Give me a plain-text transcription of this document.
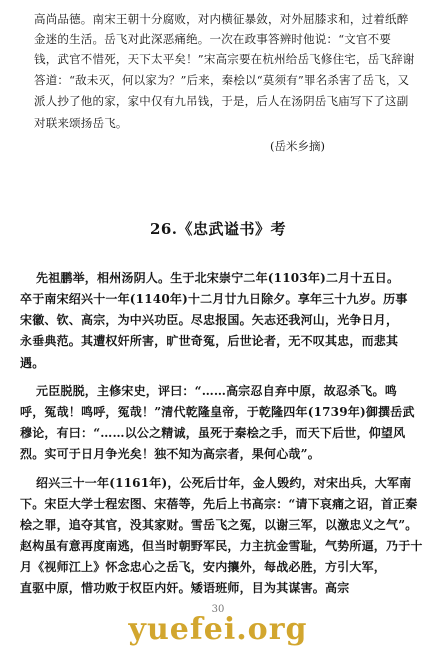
高尚品德。南宋王朝十分腐败，对内横征暴敛，对外屈膝求和，过着纸醉
金迷的生活。岳飞对此深恶痛绝。一次在政事答辨时他说：“文官不要
钱，武官不惜死，天下太平矣！”宋高宗要在杭州给岳飞修住宅，岳飞辞谢
答道：“敌未灭，何以家为？”后来，秦桧以“莫须有”罪名杀害了岳飞，又
派人抄了他的家，家中仅有九吊钱，于是，后人在汤阴岳飞庙写下了这副
对联来颂扬岳飞。
(岳米乡摘)
26.《忠武谥书》考
先祖鹏举，相州汤阴人。生于北宋崇宁二年(1103年)二月十五日。
卒于南宋绍兴十一年(1140年)十二月廿九日除夕。享年三十九岁。历事
宋徽、钦、高宗，为中兴功臣。尽忠报国。矢志还我河山，光争日月，
永垂典范。其遭权奸所害，旷世奇冤，后世论者，无不叹其忠，而悲其
遇。
元臣脱脱，主修宋史，评曰：“……高宗忍自弃中原，故忍杀飞。鸣
呼，冤哉！鸣呼，冤哉！”清代乾隆皇帝，于乾隆四年(1739年)御撰岳武
穆论，有曰：“……以公之精诚，虽死于秦桧之手，而天下后世，仰望风
烈。实可于日月争光矣！独不知为高宗者，果何心哉”。
绍兴三十一年(1161年)，公死后廿年，金人毁约，对宋出兵，大军南
下。宋臣大学士程宏图、宋蓓等，先后上书高宗：“请下哀痛之诏，首正秦
桧之罪，追夺其官，没其家财。雪岳飞之冤，以谢三军，以激忠义之气”。
赵构虽有意再度南逃，但当时朝野军民，力主抗金雪耻，气势所逼，乃于十
月《视师江上》怀念忠心之岳飞，安内攘外，每战必胜，方引大军，
直驱中原，惜功败于权臣内奸。矮语班师，目为其谋害。高宗
30
yuefei.org
